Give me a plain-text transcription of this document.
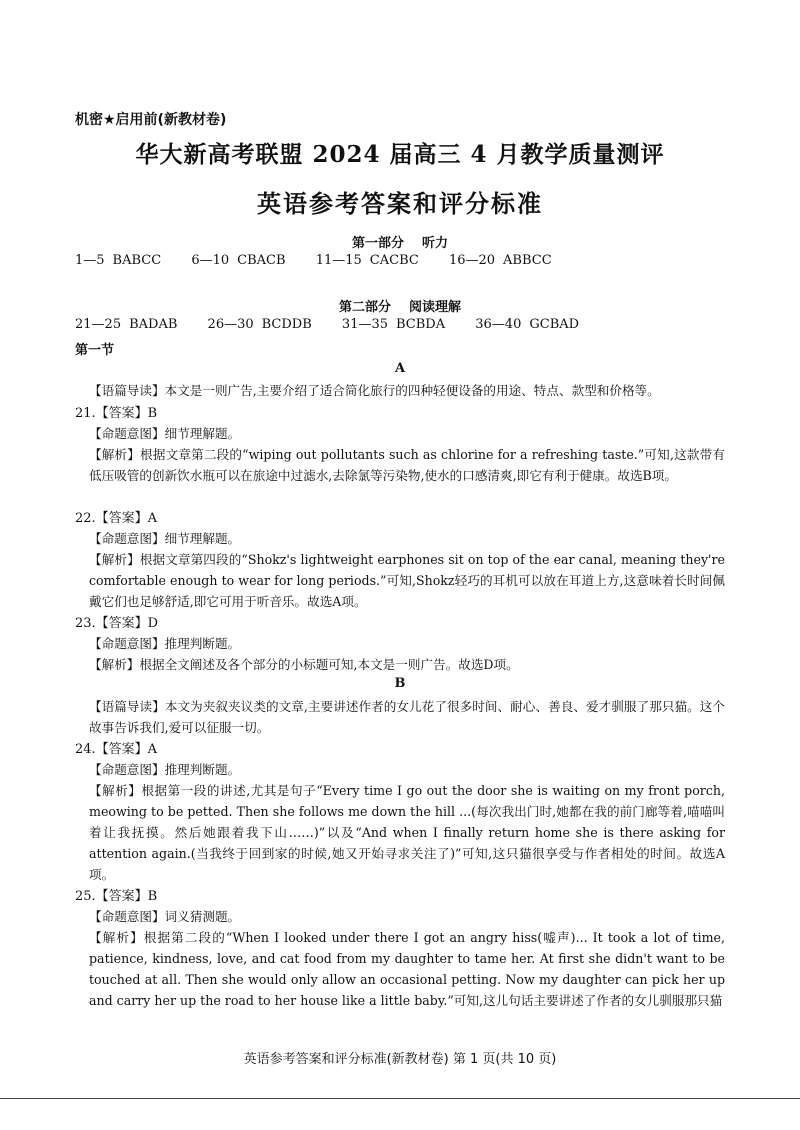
机密★启用前(新教材卷)
华大新高考联盟 2024 届高三 4 月教学质量测评
英语参考答案和评分标准
第一部分 听力
1—5 BABCC 6—10 CBACB 11—15 CACBC 16—20 ABBCC
第二部分 阅读理解
21—25 BADAB 26—30 BCDDB 31—35 BCBDA 36—40 GCBAD
第一节
A
【语篇导读】本文是一则广告,主要介绍了适合简化旅行的四种轻便设备的用途、特点、款型和价格等。
21.【答案】B
【命题意图】细节理解题。
【解析】根据文章第二段的“wiping out pollutants such as chlorine for a refreshing taste.”可知,这款带有低压吸管的创新饮水瓶可以在旅途中过滤水,去除氯等污染物,使水的口感清爽,即它有利于健康。故选B项。
22.【答案】A
【命题意图】细节理解题。
【解析】根据文章第四段的“Shokz's lightweight earphones sit on top of the ear canal, meaning they're comfortable enough to wear for long periods.”可知,Shokz轻巧的耳机可以放在耳道上方,这意味着长时间佩戴它们也足够舒适,即它可用于听音乐。故选A项。
23.【答案】D
【命题意图】推理判断题。
【解析】根据全文阐述及各个部分的小标题可知,本文是一则广告。故选D项。
B
【语篇导读】本文为夹叙夹议类的文章,主要讲述作者的女儿花了很多时间、耐心、善良、爱才驯服了那只猫。这个故事告诉我们,爱可以征服一切。
24.【答案】A
【命题意图】推理判断题。
【解析】根据第一段的讲述,尤其是句子“Every time I go out the door she is waiting on my front porch, meowing to be petted. Then she follows me down the hill ...(每次我出门时,她都在我的前门廊等着,喵喵叫着让我抚摸。然后她跟着我下山……)”以及“And when I finally return home she is there asking for attention again.(当我终于回到家的时候,她又开始寻求关注了)”可知,这只猫很享受与作者相处的时间。故选A项。
25.【答案】B
【命题意图】词义猜测题。
【解析】根据第二段的“When I looked under there I got an angry hiss(嘘声)... It took a lot of time, patience, kindness, love, and cat food from my daughter to tame her. At first she didn't want to be touched at all. Then she would only allow an occasional petting. Now my daughter can pick her up and carry her up the road to her house like a little baby.”可知,这儿句话主要讲述了作者的女儿驯服那只猫
英语参考答案和评分标准(新教材卷) 第 1 页(共 10 页)
